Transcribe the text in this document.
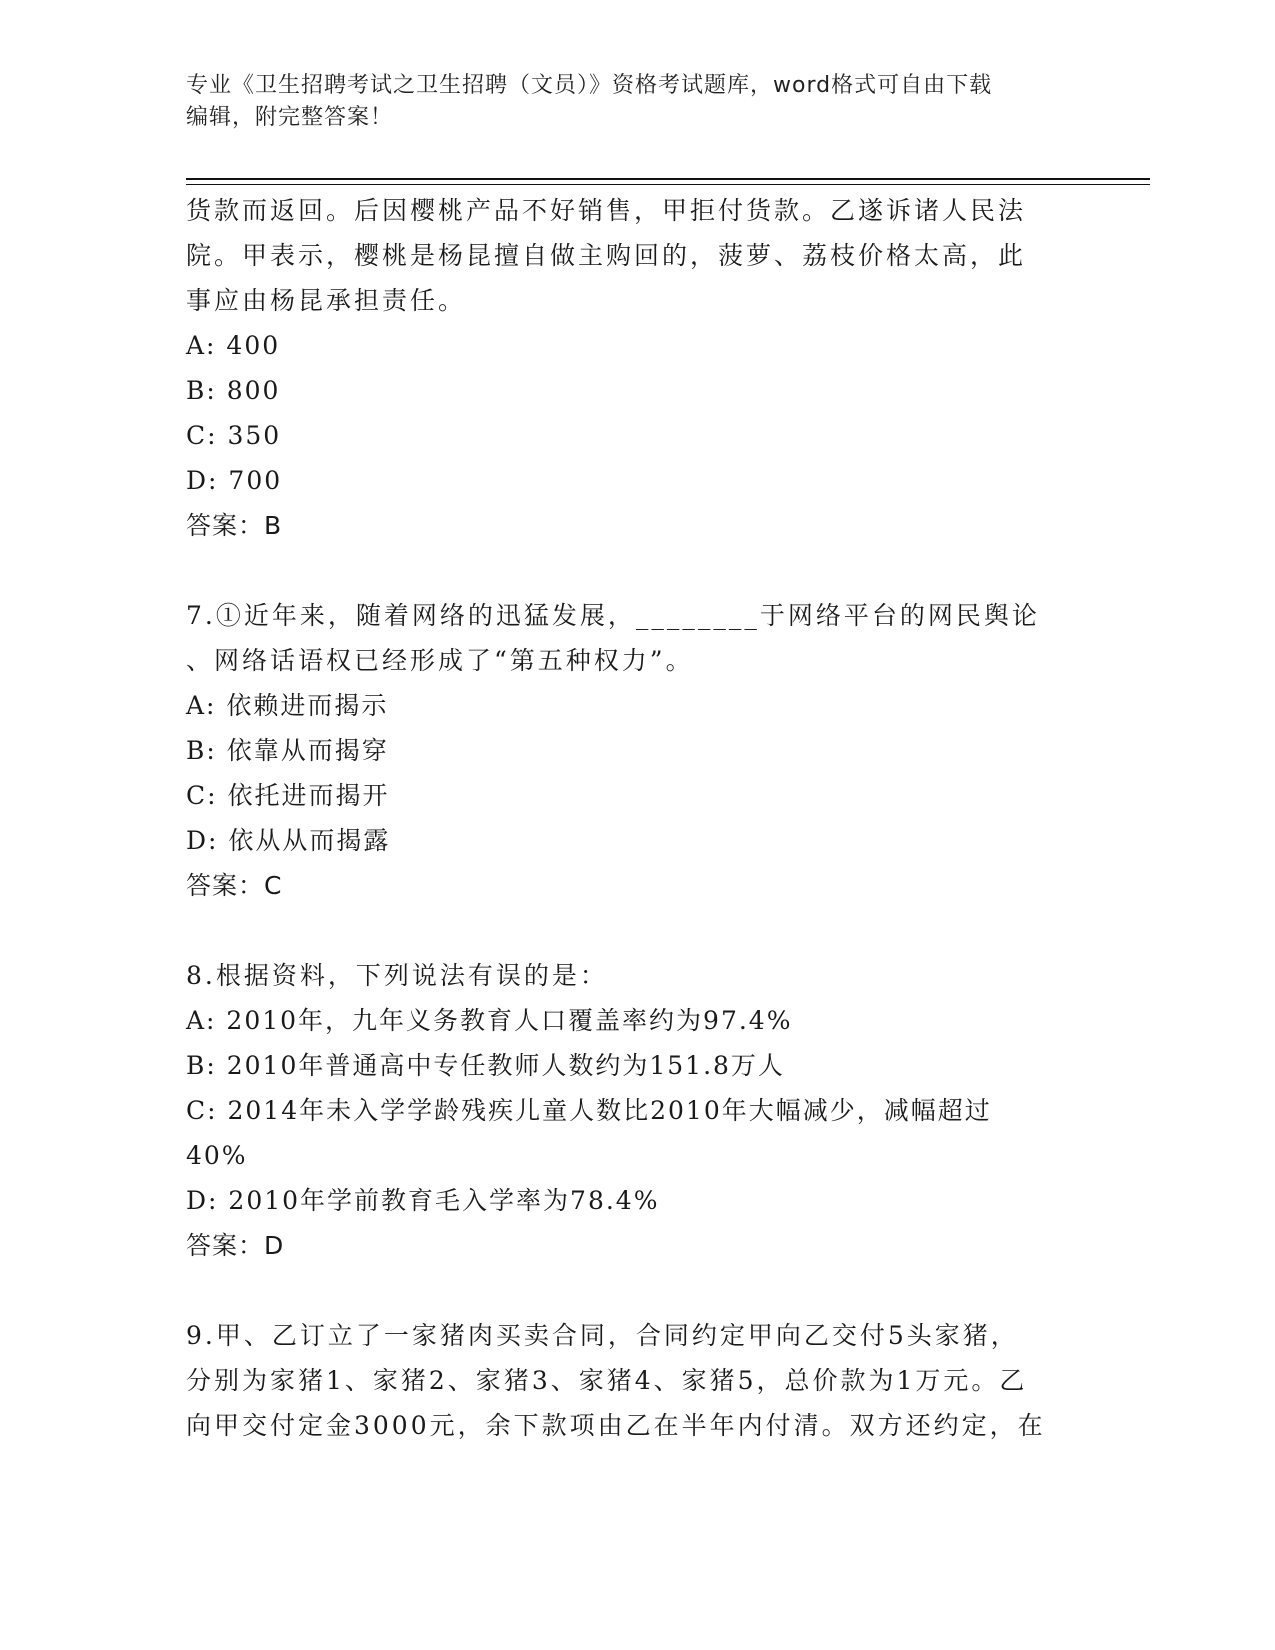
专业《卫生招聘考试之卫生招聘（文员）》资格考试题库，word格式可自由下载
编辑，附完整答案！
货款而返回。后因樱桃产品不好销售，甲拒付货款。乙遂诉诸人民法
院。甲表示，樱桃是杨昆擅自做主购回的，菠萝、荔枝价格太高，此
事应由杨昆承担责任。
A: 400
B: 800
C: 350
D: 700
答案：B
7.①近年来，随着网络的迅猛发展，________于网络平台的网民舆论
、网络话语权已经形成了“第五种权力”。
A: 依赖进而揭示
B: 依靠从而揭穿
C: 依托进而揭开
D: 依从从而揭露
答案：C
8.根据资料，下列说法有误的是：
A: 2010年，九年义务教育人口覆盖率约为97.4%
B: 2010年普通高中专任教师人数约为151.8万人
C: 2014年未入学学龄残疾儿童人数比2010年大幅减少，减幅超过
40%
D: 2010年学前教育毛入学率为78.4%
答案：D
9.甲、乙订立了一家猪肉买卖合同，合同约定甲向乙交付5头家猪，
分别为家猪1、家猪2、家猪3、家猪4、家猪5，总价款为1万元。乙
向甲交付定金3000元，余下款项由乙在半年内付清。双方还约定，在
